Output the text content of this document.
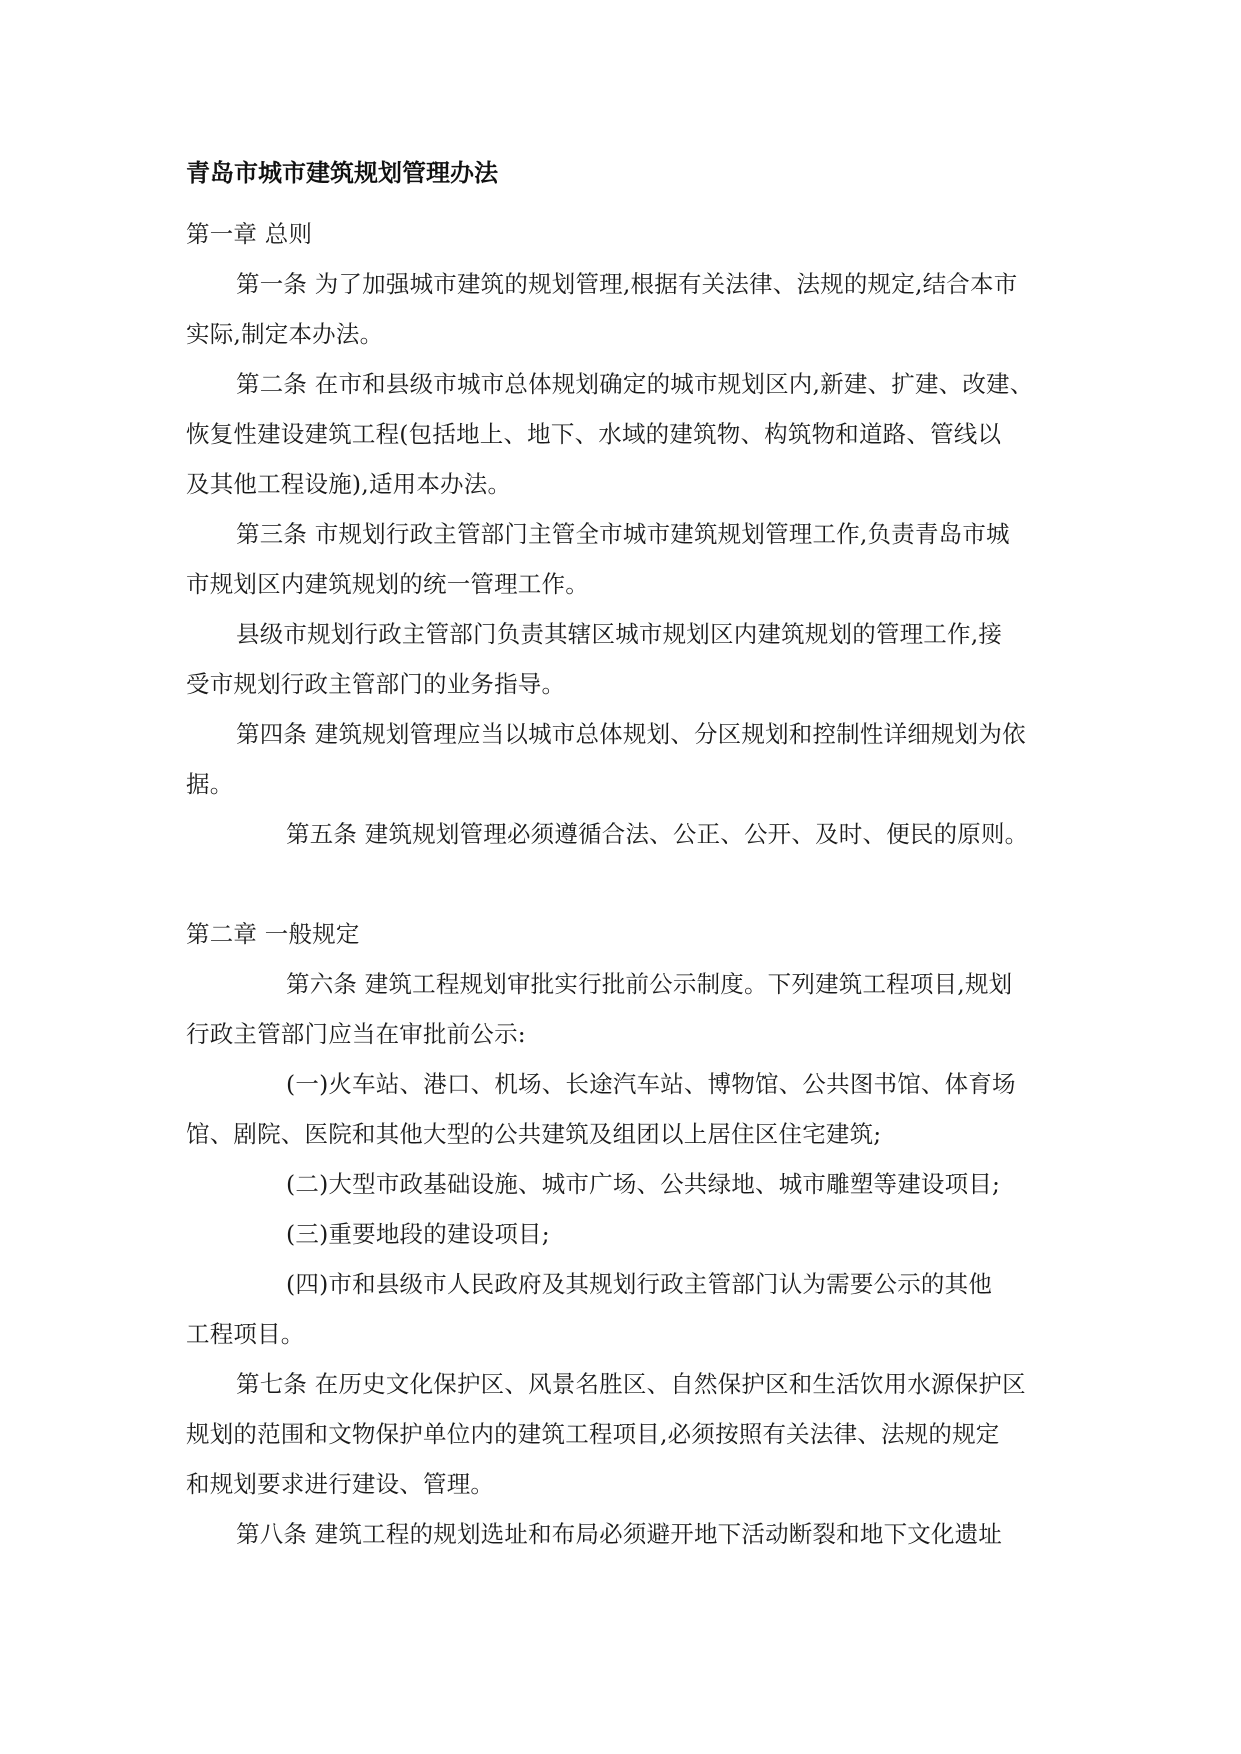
青岛市城市建筑规划管理办法
第一章 总则
第一条 为了加强城市建筑的规划管理,根据有关法律、法规的规定,结合本市
实际,制定本办法。
第二条 在市和县级市城市总体规划确定的城市规划区内,新建、扩建、改建、
恢复性建设建筑工程(包括地上、地下、水域的建筑物、构筑物和道路、管线以
及其他工程设施),适用本办法。
第三条 市规划行政主管部门主管全市城市建筑规划管理工作,负责青岛市城
市规划区内建筑规划的统一管理工作。
县级市规划行政主管部门负责其辖区城市规划区内建筑规划的管理工作,接
受市规划行政主管部门的业务指导。
第四条 建筑规划管理应当以城市总体规划、分区规划和控制性详细规划为依
据。
第五条 建筑规划管理必须遵循合法、公正、公开、及时、便民的原则。
第二章 一般规定
第六条 建筑工程规划审批实行批前公示制度。下列建筑工程项目,规划
行政主管部门应当在审批前公示:
(一)火车站、港口、机场、长途汽车站、博物馆、公共图书馆、体育场
馆、剧院、医院和其他大型的公共建筑及组团以上居住区住宅建筑;
(二)大型市政基础设施、城市广场、公共绿地、城市雕塑等建设项目;
(三)重要地段的建设项目;
(四)市和县级市人民政府及其规划行政主管部门认为需要公示的其他
工程项目。
第七条 在历史文化保护区、风景名胜区、自然保护区和生活饮用水源保护区
规划的范围和文物保护单位内的建筑工程项目,必须按照有关法律、法规的规定
和规划要求进行建设、管理。
第八条 建筑工程的规划选址和布局必须避开地下活动断裂和地下文化遗址
